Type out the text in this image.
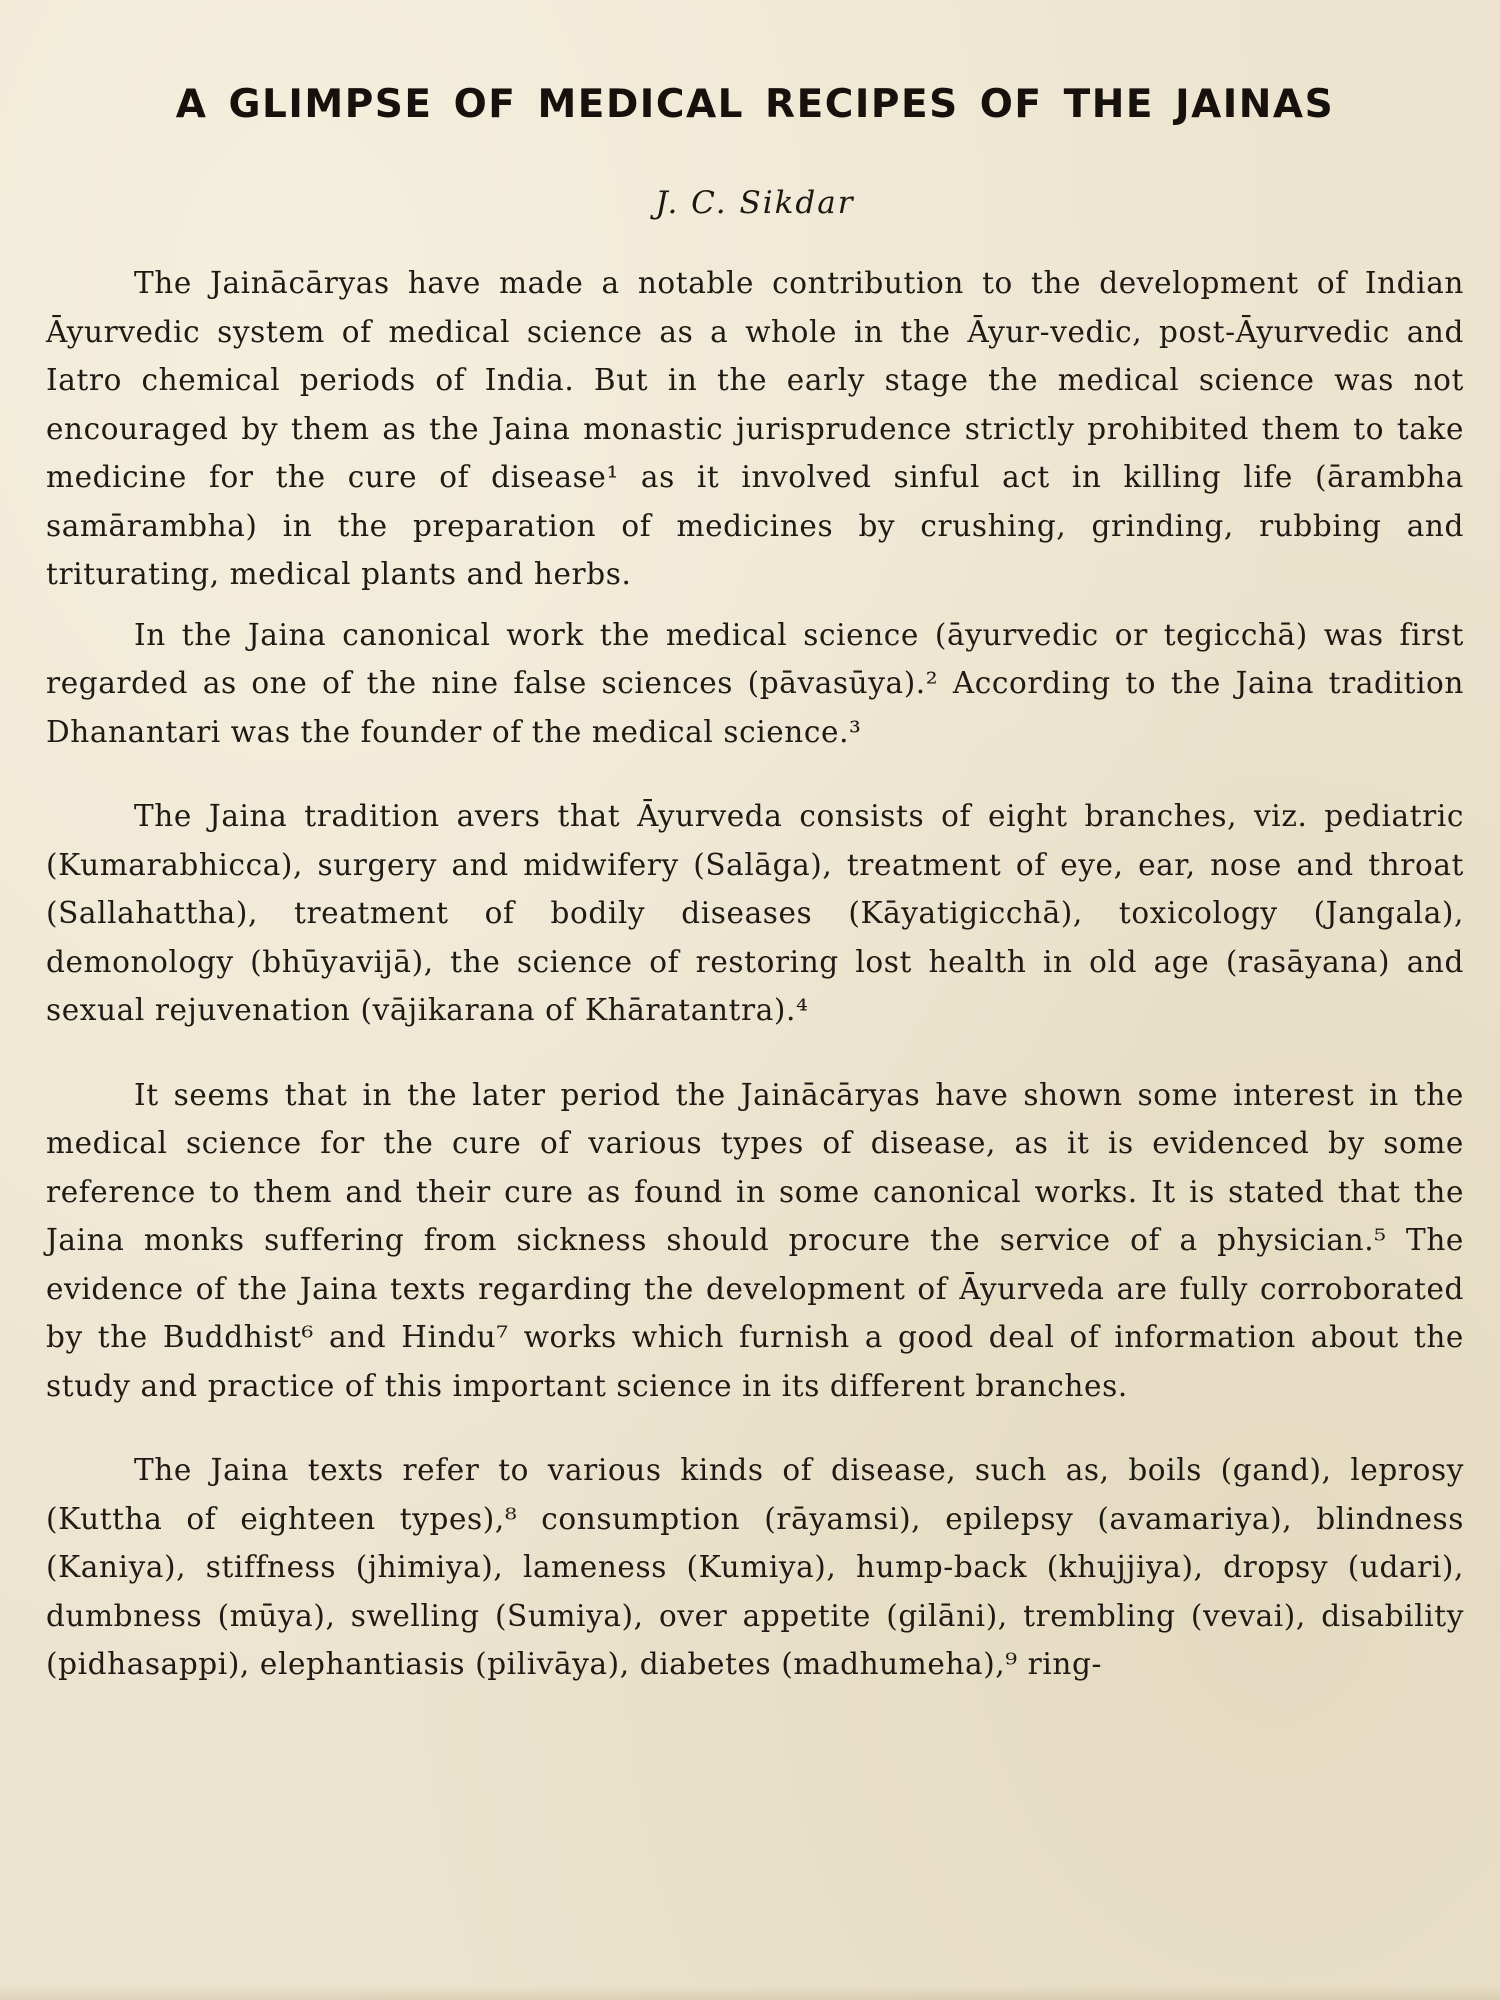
A GLIMPSE OF MEDICAL RECIPES OF THE JAINAS
J. C. Sikdar

The Jainācāryas have made a notable contribution to the development of Indian Āyurvedic system of medical science as a whole in the Āyur-vedic, post-Āyurvedic and Iatro chemical periods of India. But in the early stage the medical science was not encouraged by them as the Jaina monastic jurisprudence strictly prohibited them to take medicine for the cure of disease¹ as it involved sinful act in killing life (ārambha samārambha) in the preparation of medicines by crushing, grinding, rubbing and triturating, medical plants and herbs.

In the Jaina canonical work the medical science (āyurvedic or tegicchā) was first regarded as one of the nine false sciences (pāvasūya).² According to the Jaina tradition Dhanantari was the founder of the medical science.³

The Jaina tradition avers that Āyurveda consists of eight branches, viz. pediatric (Kumarabhicca), surgery and midwifery (Salāga), treatment of eye, ear, nose and throat (Sallahattha), treatment of bodily diseases (Kāyatigicchā), toxicology (Jangala), demonology (bhūyavijā), the science of restoring lost health in old age (rasāyana) and sexual rejuvenation (vājikarana of Khāratantra).⁴

It seems that in the later period the Jainācāryas have shown some interest in the medical science for the cure of various types of disease, as it is evidenced by some reference to them and their cure as found in some canonical works. It is stated that the Jaina monks suffering from sickness should procure the service of a physician.⁵ The evidence of the Jaina texts regarding the development of Āyurveda are fully corroborated by the Buddhist⁶ and Hindu⁷ works which furnish a good deal of information about the study and practice of this important science in its different branches.

The Jaina texts refer to various kinds of disease, such as, boils (gand), leprosy (Kuttha of eighteen types),⁸ consumption (rāyamsi), epilepsy (avamariya), blindness (Kaniya), stiffness (jhimiya), lameness (Kumiya), hump-back (khujjiya), dropsy (udari), dumbness (mūya), swelling (Sumiya), over appetite (gilāni), trembling (vevai), disability (pidhasappi), elephantiasis (pilivāya), diabetes (madhumeha),⁹ ring-
